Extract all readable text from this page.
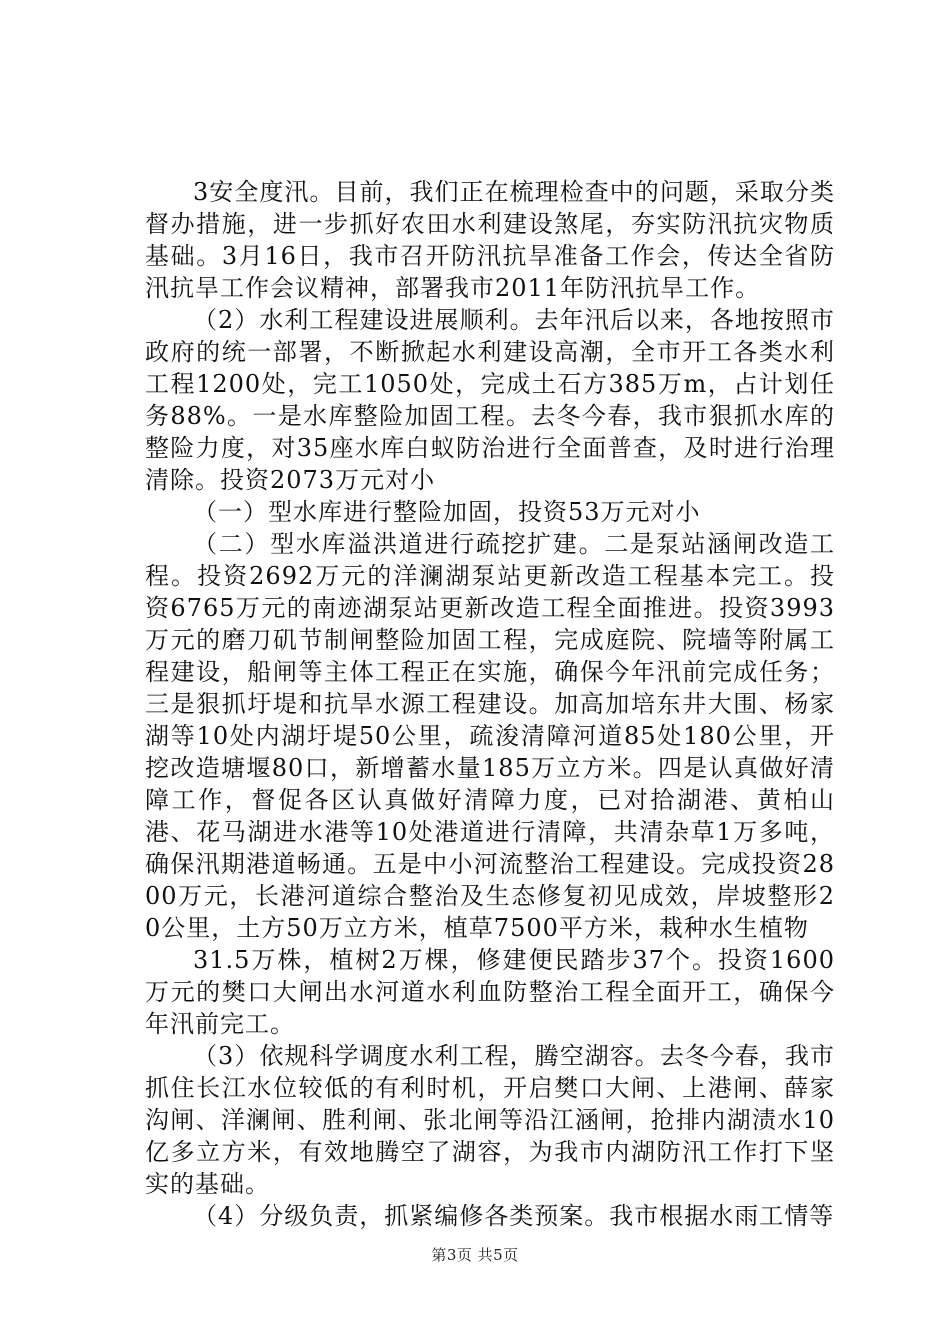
3安全度汛。目前，我们正在梳理检查中的问题，采取分类督办措施，进一步抓好农田水利建设煞尾，夯实防汛抗灾物质基础。3月16日，我市召开防汛抗旱准备工作会，传达全省防汛抗旱工作会议精神，部署我市2011年防汛抗旱工作。

（2）水利工程建设进展顺利。去年汛后以来，各地按照市政府的统一部署，不断掀起水利建设高潮，全市开工各类水利工程1200处，完工1050处，完成土石方385万m，占计划任务88%。一是水库整险加固工程。去冬今春，我市狠抓水库的整险力度，对35座水库白蚁防治进行全面普查，及时进行治理清除。投资2073万元对小

（一）型水库进行整险加固，投资53万元对小

（二）型水库溢洪道进行疏挖扩建。二是泵站涵闸改造工程。投资2692万元的洋澜湖泵站更新改造工程基本完工。投资6765万元的南迹湖泵站更新改造工程全面推进。投资3993万元的磨刀矶节制闸整险加固工程，完成庭院、院墙等附属工程建设，船闸等主体工程正在实施，确保今年汛前完成任务；三是狠抓圩堤和抗旱水源工程建设。加高加培东井大围、杨家湖等10处内湖圩堤50公里，疏浚清障河道85处180公里，开挖改造塘堰80口，新增蓄水量185万立方米。四是认真做好清障工作，督促各区认真做好清障力度，已对拾湖港、黄柏山港、花马湖进水港等10处港道进行清障，共清杂草1万多吨，确保汛期港道畅通。五是中小河流整治工程建设。完成投资2800万元，长港河道综合整治及生态修复初见成效，岸坡整形20公里，土方50万立方米，植草7500平方米，栽种水生植物

31.5万株，植树2万棵，修建便民踏步37个。投资1600万元的樊口大闸出水河道水利血防整治工程全面开工，确保今年汛前完工。

（3）依规科学调度水利工程，腾空湖容。去冬今春，我市抓住长江水位较低的有利时机，开启樊口大闸、上港闸、薛家沟闸、洋澜闸、胜利闸、张北闸等沿江涵闸，抢排内湖渍水10亿多立方米，有效地腾空了湖容，为我市内湖防汛工作打下坚实的基础。

（4）分级负责，抓紧编修各类预案。我市根据水雨工情等

第3页 共5页
